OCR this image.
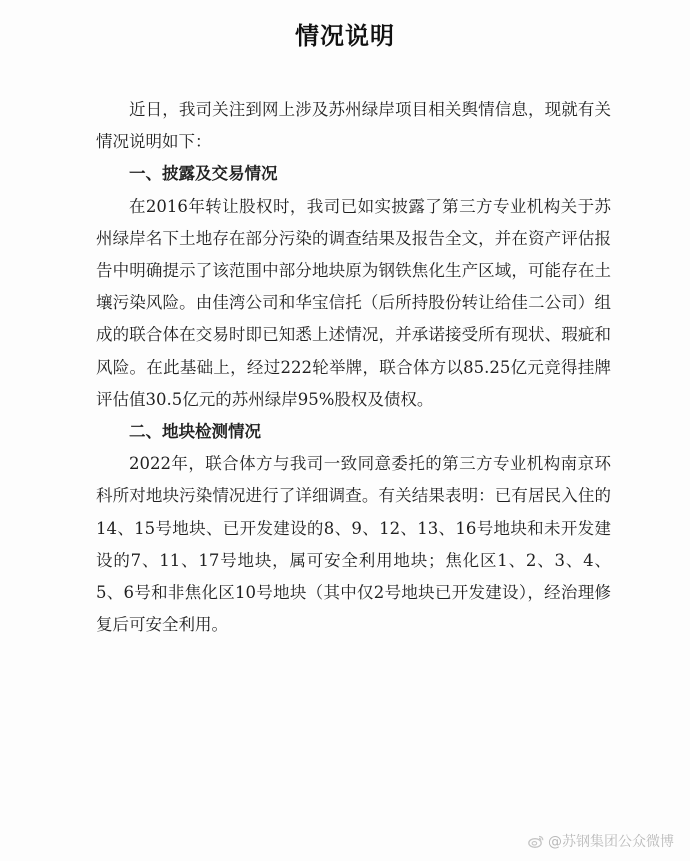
情况说明

近日，我司关注到网上涉及苏州绿岸项目相关舆情信息，现就有关情况说明如下：

一、披露及交易情况

在2016年转让股权时，我司已如实披露了第三方专业机构关于苏州绿岸名下土地存在部分污染的调查结果及报告全文，并在资产评估报告中明确提示了该范围中部分地块原为钢铁焦化生产区域，可能存在土壤污染风险。由佳湾公司和华宝信托（后所持股份转让给佳二公司）组成的联合体在交易时即已知悉上述情况，并承诺接受所有现状、瑕疵和风险。在此基础上，经过222轮举牌，联合体方以85.25亿元竞得挂牌评估值30.5亿元的苏州绿岸95%股权及债权。

二、地块检测情况

2022年，联合体方与我司一致同意委托的第三方专业机构南京环科所对地块污染情况进行了详细调查。有关结果表明：已有居民入住的14、15号地块、已开发建设的8、9、12、13、16号地块和未开发建设的7、11、17号地块，属可安全利用地块；焦化区1、2、3、4、5、6号和非焦化区10号地块（其中仅2号地块已开发建设），经治理修复后可安全利用。

@苏钢集团公众微博
